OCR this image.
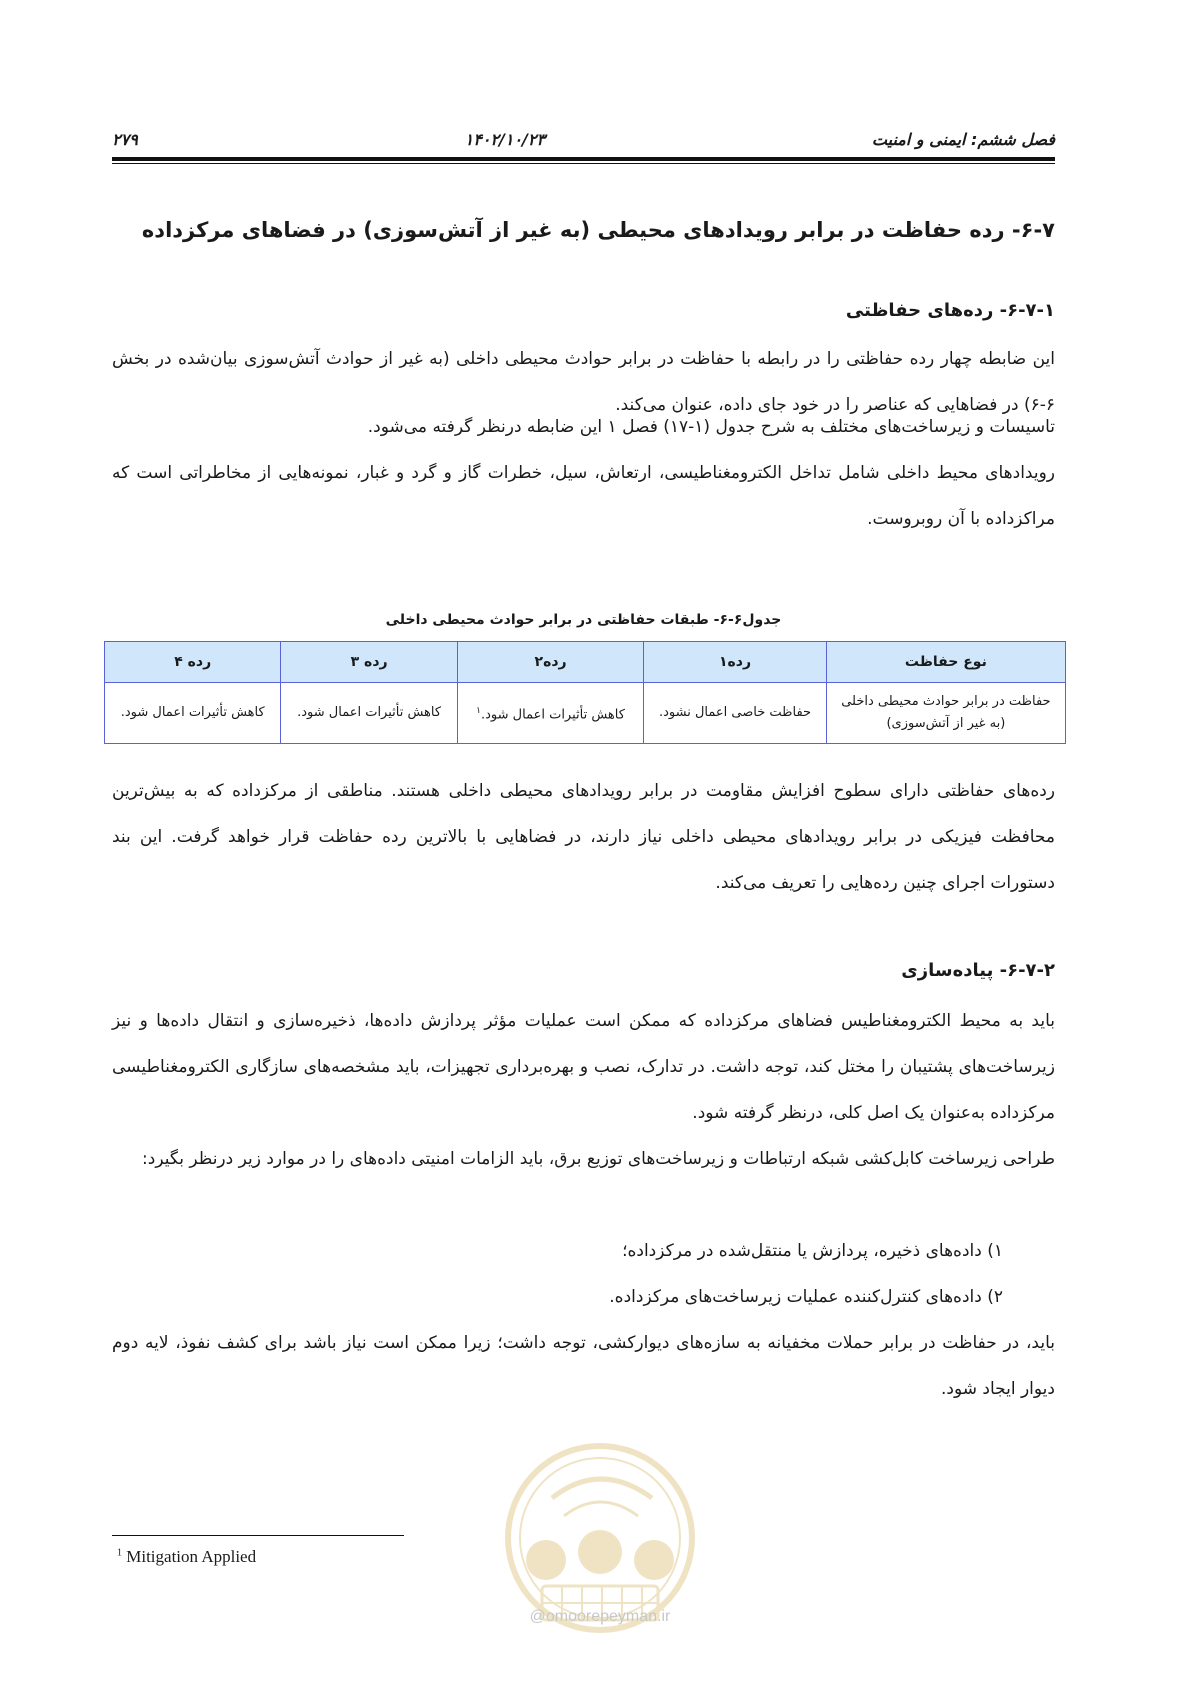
فصل ششم: ایمنی و امنیت
۱۴۰۲/۱۰/۲۳
۲۷۹
۶-۷- رده حفاظت در برابر رویدادهای محیطی (به غیر از آتش‌سوزی) در فضاهای مرکزداده
۶-۷-۱- رده‌های حفاظتی
این ضابطه چهار رده حفاظتی را در رابطه با حفاظت در برابر حوادث محیطی داخلی (به غیر از حوادث آتش‌سوزی بیان‌شده در بخش ۶-۶) در فضاهایی که عناصر را در خود جای داده، عنوان می‌کند.
تاسیسات و زیرساخت‌های مختلف به شرح جدول (۱-۱۷) فصل ۱ این ضابطه درنظر گرفته می‌شود.
رویدادهای محیط داخلی شامل تداخل الکترومغناطیسی، ارتعاش، سیل، خطرات گاز و گرد و غبار، نمونه‌هایی از مخاطراتی است که مراکزداده با آن روبروست.
جدول۶-۶- طبقات حفاظتی در برابر حوادث محیطی داخلی
نوع حفاظت	رده۱	رده۲	رده ۳	رده ۴

حفاظت در برابر حوادث محیطی داخلی
(به غیر از آتش‌سوزی)	حفاظت خاصی اعمال نشود.	کاهش تأثیرات اعمال شود.$^۱$	کاهش تأثیرات اعمال شود.	کاهش تأثیرات اعمال شود.
رده‌های حفاظتی دارای سطوح افزایش مقاومت در برابر رویدادهای محیطی داخلی هستند. مناطقی از مرکزداده که به بیش‌ترین محافظت فیزیکی در برابر رویدادهای محیطی داخلی نیاز دارند، در فضاهایی با بالاترین رده حفاظت قرار خواهد گرفت. این بند دستورات اجرای چنین رده‌هایی را تعریف می‌کند.
۶-۷-۲- پیاده‌سازی
باید به محیط الکترومغناطیس فضاهای مرکزداده که ممکن است عملیات مؤثر پردازش داده‌ها، ذخیره‌سازی و انتقال داده‌ها و نیز زیرساخت‌های پشتیبان را مختل کند، توجه داشت. در تدارک، نصب و بهره‌برداری تجهیزات، باید مشخصه‌های سازگاری الکترومغناطیسی مرکزداده به‌عنوان یک اصل کلی، درنظر گرفته شود.
طراحی زیرساخت کابل‌کشی شبکه ارتباطات و زیرساخت‌های توزیع برق، باید الزامات امنیتی داده‌های را در موارد زیر درنظر بگیرد:
۱) داده‌های ذخیره، پردازش یا منتقل‌شده در مرکزداده؛
۲) داده‌های کنترل‌کننده عملیات زیرساخت‌های مرکزداده.
باید، در حفاظت در برابر حملات مخفیانه به سازه‌های دیوارکشی، توجه داشت؛ زیرا ممکن است نیاز باشد برای کشف نفوذ، لایه دوم دیوار ایجاد شود.
@omoorepeyman.ir
$^1$ Mitigation Applied
